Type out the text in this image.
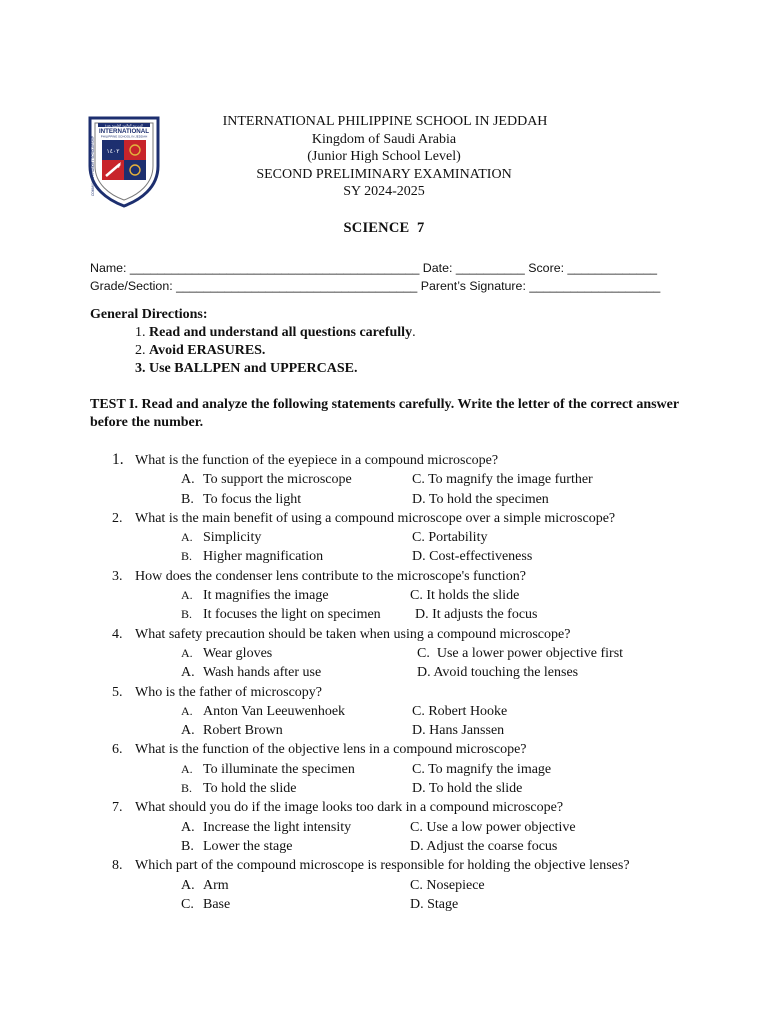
المدرسة العالمية الفلبينية بجدة
INTERNATIONAL
PHILIPPINE SCHOOL IN JEDDAH
١٤٠٢
COMMUNITY • HONOR • SCHOLARSHIP
INTERNATIONAL PHILIPPINE SCHOOL IN JEDDAH
Kingdom of Saudi Arabia
(Junior High School Level)
SECOND PRELIMINARY EXAMINATION
SY 2024-2025
SCIENCE  7
Name: __________________________________________ Date: __________ Score: _____________
Grade/Section: ___________________________________ Parent’s Signature: ___________________
General Directions:
1. Read and understand all questions carefully.
2. Avoid ERASURES.
3. Use BALLPEN and UPPERCASE.
TEST I. Read and analyze the following statements carefully. Write the letter of the correct answer before the number.
1. What is the function of the eyepiece in a compound microscope?
A. To support the microscope	C. To magnify the image further
B. To focus the light	D. To hold the specimen
2. What is the main benefit of using a compound microscope over a simple microscope?
A. Simplicity	C. Portability
B. Higher magnification	D. Cost-effectiveness
3. How does the condenser lens contribute to the microscope's function?
A. It magnifies the image	C. It holds the slide
B. It focuses the light on specimen D. It adjusts the focus
4. What safety precaution should be taken when using a compound microscope?
A. Wear gloves	C.  Use a lower power objective first
A. Wash hands after use	D. Avoid touching the lenses
5. Who is the father of microscopy?
A. Anton Van Leeuwenhoek	C. Robert Hooke
A. Robert Brown	D. Hans Janssen
6. What is the function of the objective lens in a compound microscope?
A. To illuminate the specimen	C. To magnify the image
B. To hold the slide	D. To hold the slide
7. What should you do if the image looks too dark in a compound microscope?
A. Increase the light intensity	C. Use a low power objective
B. Lower the stage	D. Adjust the coarse focus
8. Which part of the compound microscope is responsible for holding the objective lenses?
A. Arm	C. Nosepiece
C. Base	D. Stage
